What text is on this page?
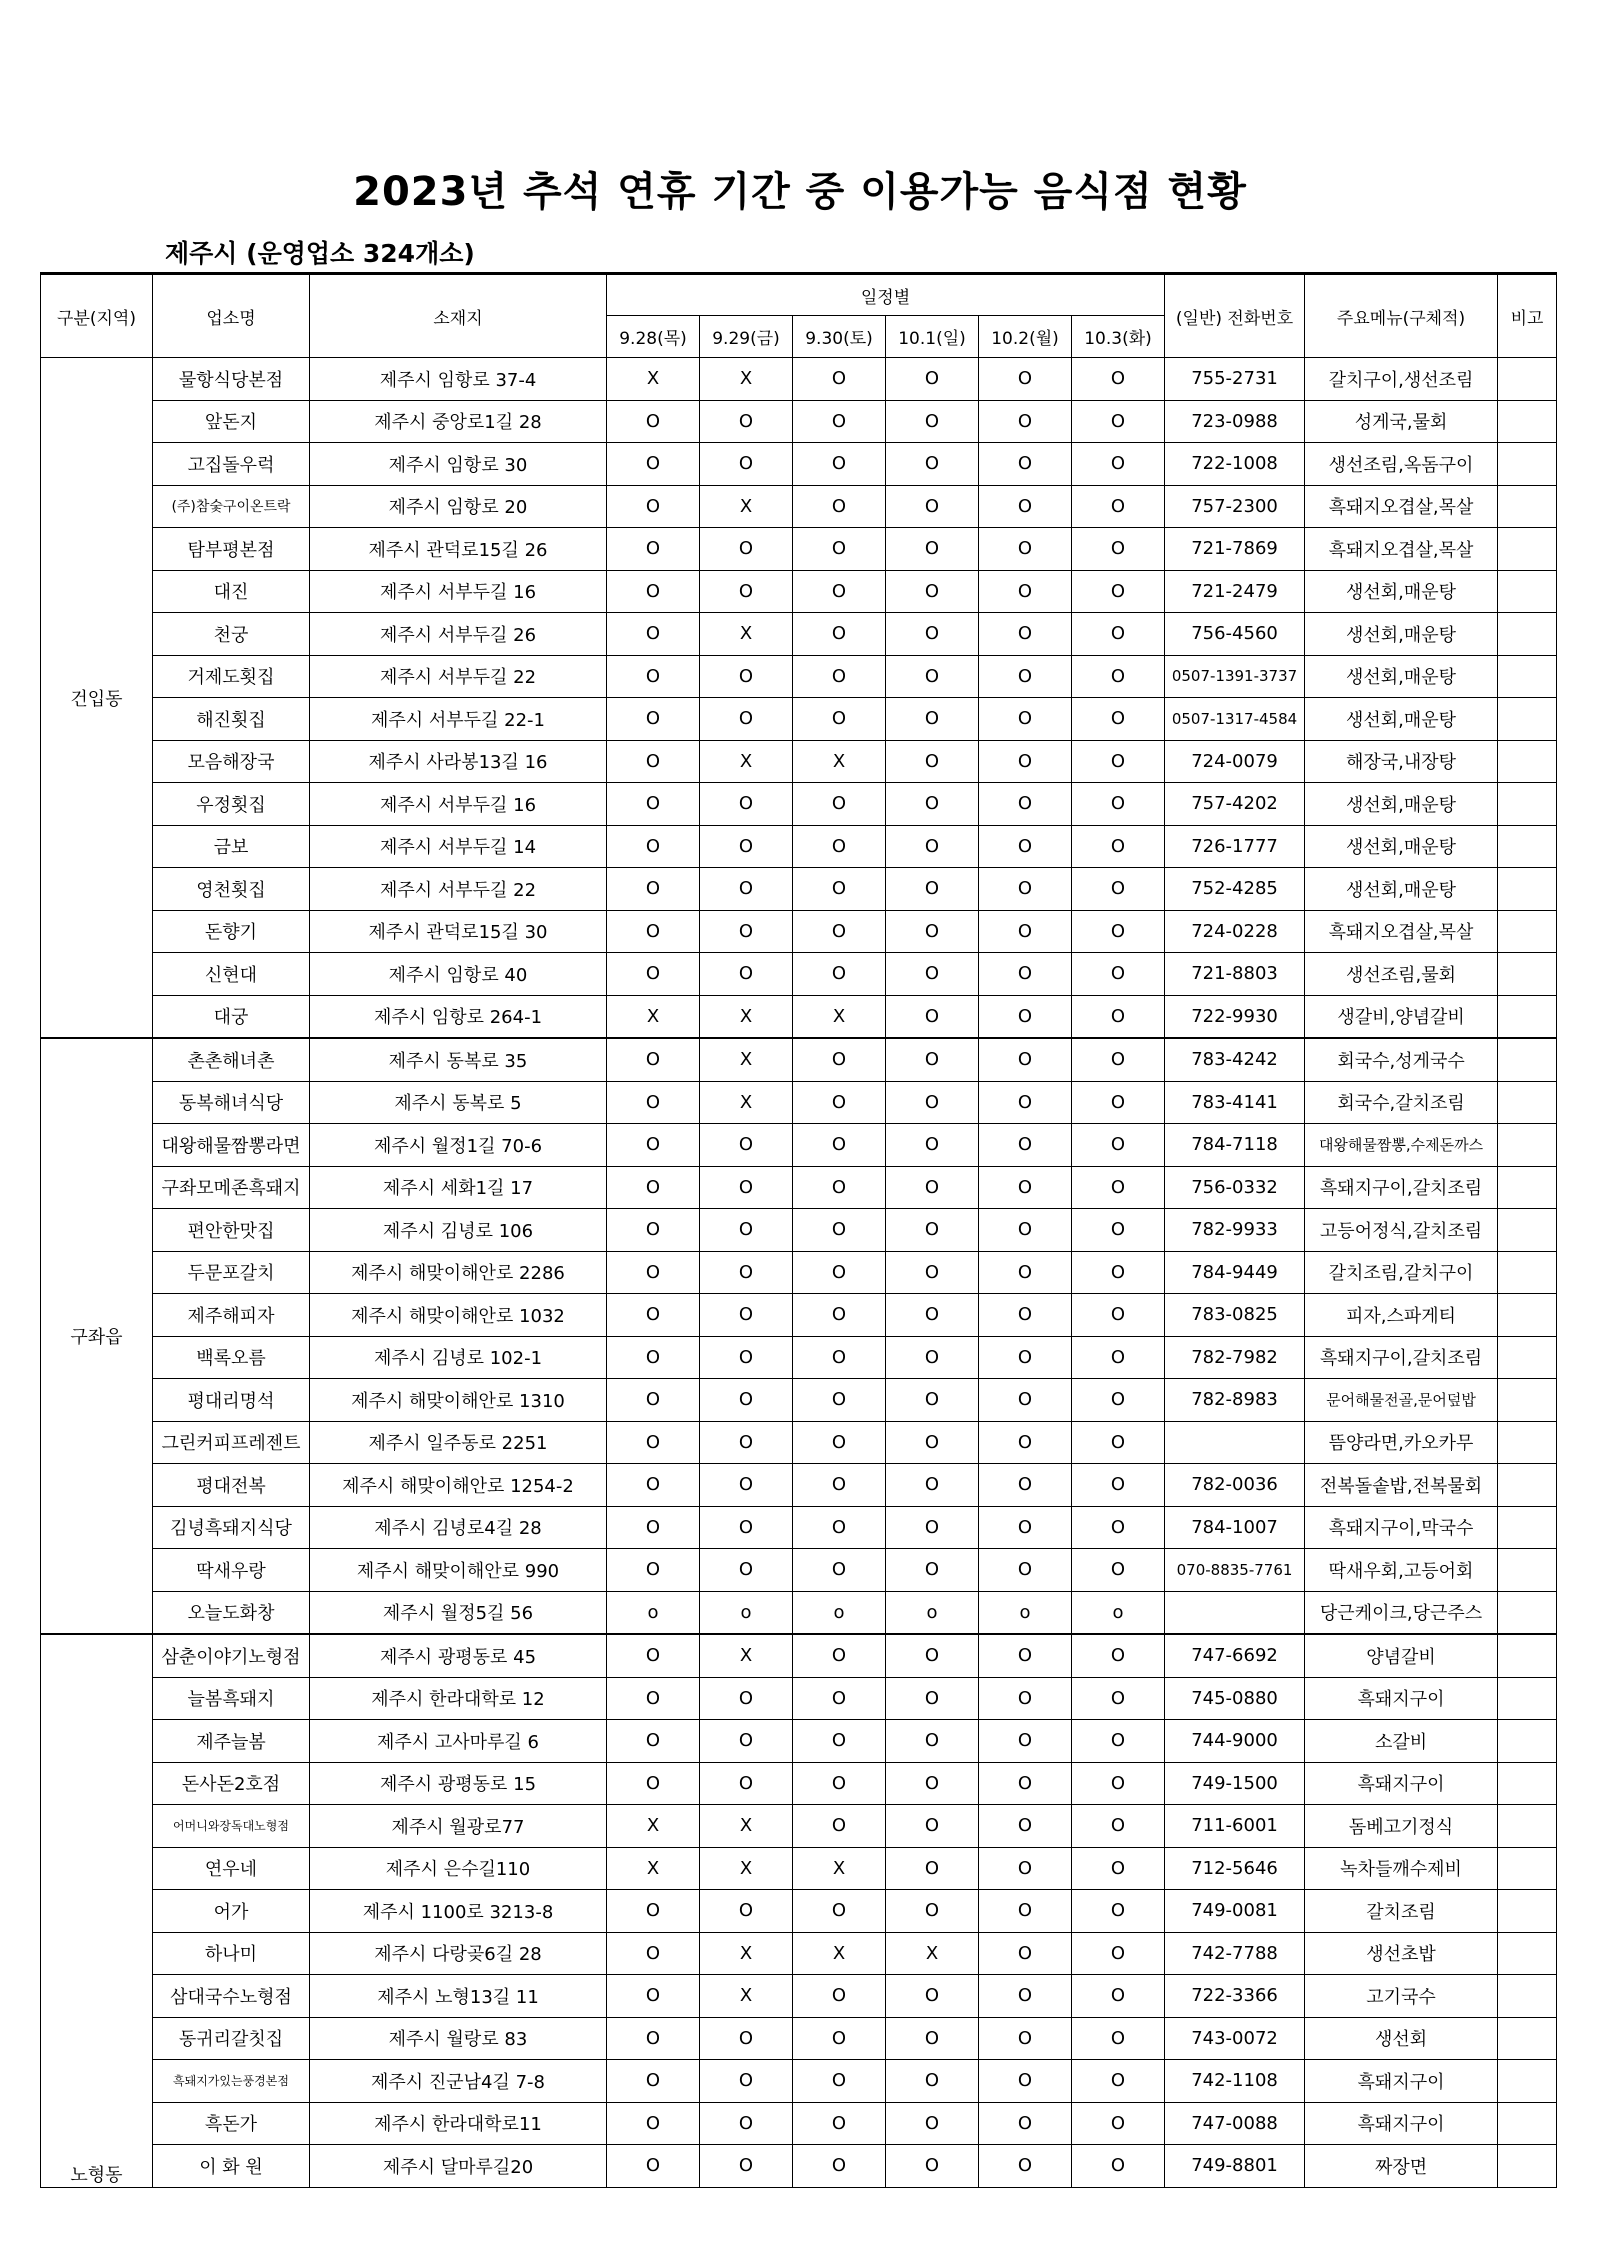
2023년 추석 연휴 기간 중 이용가능 음식점 현황
제주시 (운영업소 324개소)
구분(지역)	업소명	소재지	일정별						(일반) 전화번호	주요메뉴(구체적)	비고
			9.28(목)	9.29(금)	9.30(토)	10.1(일)	10.2(월)	10.3(화)			
건입동	물항식당본점	제주시 임항로 37-4	X	X	O	O	O	O	755-2731	갈치구이,생선조림	
	앞돈지	제주시 중앙로1길 28	O	O	O	O	O	O	723-0988	성게국,물회	
	고집돌우럭	제주시 임항로 30	O	O	O	O	O	O	722-1008	생선조림,옥돔구이	
	(주)참숯구이온트락	제주시 임항로 20	O	X	O	O	O	O	757-2300	흑돼지오겹살,목살	
	탐부평본점	제주시 관덕로15길 26	O	O	O	O	O	O	721-7869	흑돼지오겹살,목살	
	대진	제주시 서부두길 16	O	O	O	O	O	O	721-2479	생선회,매운탕	
	천궁	제주시 서부두길 26	O	X	O	O	O	O	756-4560	생선회,매운탕	
	거제도횟집	제주시 서부두길 22	O	O	O	O	O	O	0507-1391-3737	생선회,매운탕	
	해진횟집	제주시 서부두길 22-1	O	O	O	O	O	O	0507-1317-4584	생선회,매운탕	
	모음해장국	제주시 사라봉13길 16	O	X	X	O	O	O	724-0079	해장국,내장탕	
	우정횟집	제주시 서부두길 16	O	O	O	O	O	O	757-4202	생선회,매운탕	
	금보	제주시 서부두길 14	O	O	O	O	O	O	726-1777	생선회,매운탕	
	영천횟집	제주시 서부두길 22	O	O	O	O	O	O	752-4285	생선회,매운탕	
	돈향기	제주시 관덕로15길 30	O	O	O	O	O	O	724-0228	흑돼지오겹살,목살	
	신현대	제주시 임항로 40	O	O	O	O	O	O	721-8803	생선조림,물회	
	대궁	제주시 임항로 264-1	X	X	X	O	O	O	722-9930	생갈비,양념갈비	
구좌읍	촌촌해녀촌	제주시 동복로 35	O	X	O	O	O	O	783-4242	회국수,성게국수	
	동복해녀식당	제주시 동복로 5	O	X	O	O	O	O	783-4141	회국수,갈치조림	
	대왕해물짬뽕라면	제주시 월정1길 70-6	O	O	O	O	O	O	784-7118	대왕해물짬뽕,수제돈까스	
	구좌모메존흑돼지	제주시 세화1길 17	O	O	O	O	O	O	756-0332	흑돼지구이,갈치조림	
	편안한맛집	제주시 김녕로 106	O	O	O	O	O	O	782-9933	고등어정식,갈치조림	
	두문포갈치	제주시 해맞이해안로 2286	O	O	O	O	O	O	784-9449	갈치조림,갈치구이	
	제주해피자	제주시 해맞이해안로 1032	O	O	O	O	O	O	783-0825	피자,스파게티	
	백록오름	제주시 김녕로 102-1	O	O	O	O	O	O	782-7982	흑돼지구이,갈치조림	
	평대리명석	제주시 해맞이해안로 1310	O	O	O	O	O	O	782-8983	문어해물전골,문어덮밥	
	그린커피프레젠트	제주시 일주동로 2251	O	O	O	O	O	O		뜸양라면,카오카무	
	평대전복	제주시 해맞이해안로 1254-2	O	O	O	O	O	O	782-0036	전복돌솥밥,전복물회	
	김녕흑돼지식당	제주시 김녕로4길 28	O	O	O	O	O	O	784-1007	흑돼지구이,막국수	
	딱새우랑	제주시 해맞이해안로 990	O	O	O	O	O	O	070-8835-7761	딱새우회,고등어회	
	오늘도화창	제주시 월정5길 56	o	o	o	o	o	o		당근케이크,당근주스	
노형동	삼춘이야기노형점	제주시 광평동로 45	O	X	O	O	O	O	747-6692	양념갈비	
	늘봄흑돼지	제주시 한라대학로 12	O	O	O	O	O	O	745-0880	흑돼지구이	
	제주늘봄	제주시 고사마루길 6	O	O	O	O	O	O	744-9000	소갈비	
	돈사돈2호점	제주시 광평동로 15	O	O	O	O	O	O	749-1500	흑돼지구이	
	어머니와장독대노형점	제주시 월광로77	X	X	O	O	O	O	711-6001	돔베고기정식	
	연우네	제주시 은수길110	X	X	X	O	O	O	712-5646	녹차들깨수제비	
	어가	제주시 1100로 3213-8	O	O	O	O	O	O	749-0081	갈치조림	
	하나미	제주시 다랑곶6길 28	O	X	X	X	O	O	742-7788	생선초밥	
	삼대국수노형점	제주시 노형13길 11	O	X	O	O	O	O	722-3366	고기국수	
	동귀리갈칫집	제주시 월랑로 83	O	O	O	O	O	O	743-0072	생선회	
	흑돼지가있는풍경본점	제주시 진군남4길 7-8	O	O	O	O	O	O	742-1108	흑돼지구이	
	흑돈가	제주시 한라대학로11	O	O	O	O	O	O	747-0088	흑돼지구이	
	이 화 원	제주시 달마루길20	O	O	O	O	O	O	749-8801	짜장면	
